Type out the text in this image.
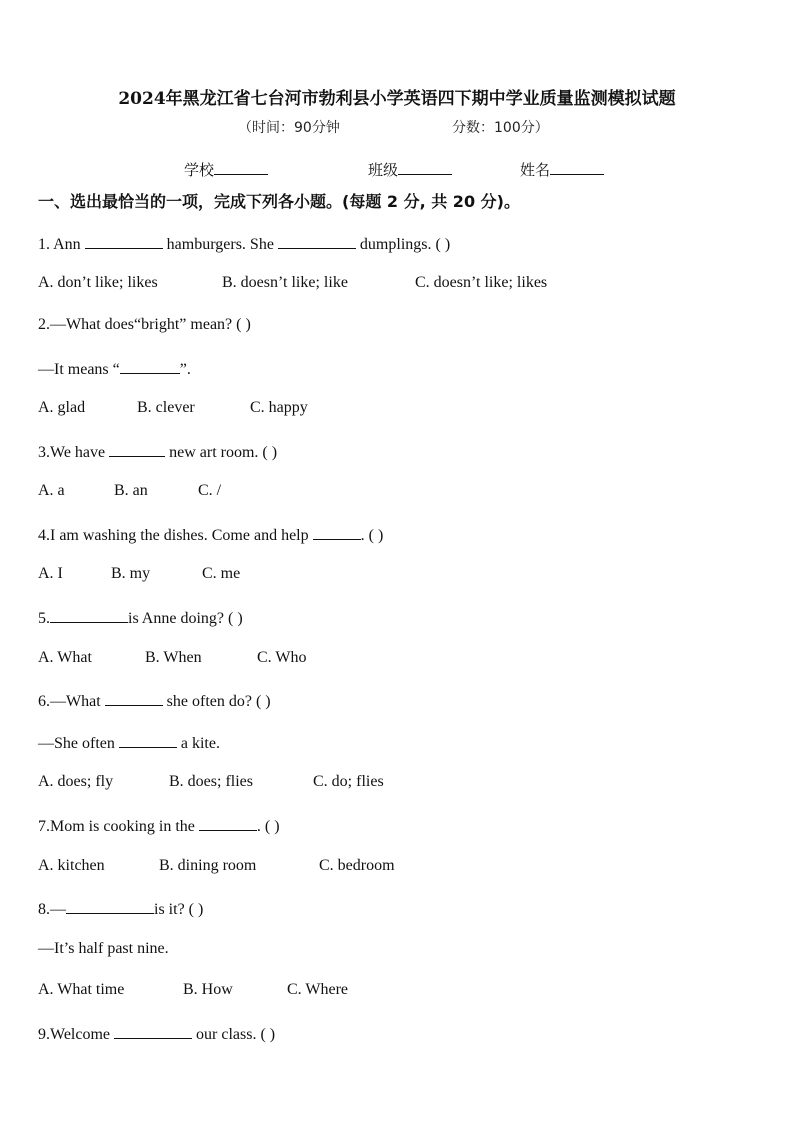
2024年黑龙江省七台河市勃利县小学英语四下期中学业质量监测模拟试题
（时间：90分钟	分数：100分）
学校	班级	姓名
一、选出最恰当的一项，完成下列各小题。(每题 2 分, 共 20 分)。
1. Ann	hamburgers. She	dumplings. ( )
A. don’t like; likes	B. doesn’t like; like	C. doesn’t like; likes
2.—What does“bright” mean? ( )
—It means “	”.
A. glad	B. clever	C. happy
3.We have	new art room. ( )
A. a	B. an	C. /
4.I am washing the dishes. Come and help	. ( )
A. I	B. my	C. me
5.	is Anne doing? ( )
A. What	B. When	C. Who
6.—What	she often do? ( )
—She often	a kite.
A. does; fly	B. does; flies	C. do; flies
7.Mom is cooking in the	. ( )
A. kitchen	B. dining room	C. bedroom
8.—	is it? ( )
—It’s half past nine.
A. What time	B. How	C. Where
9.Welcome	our class. ( )
